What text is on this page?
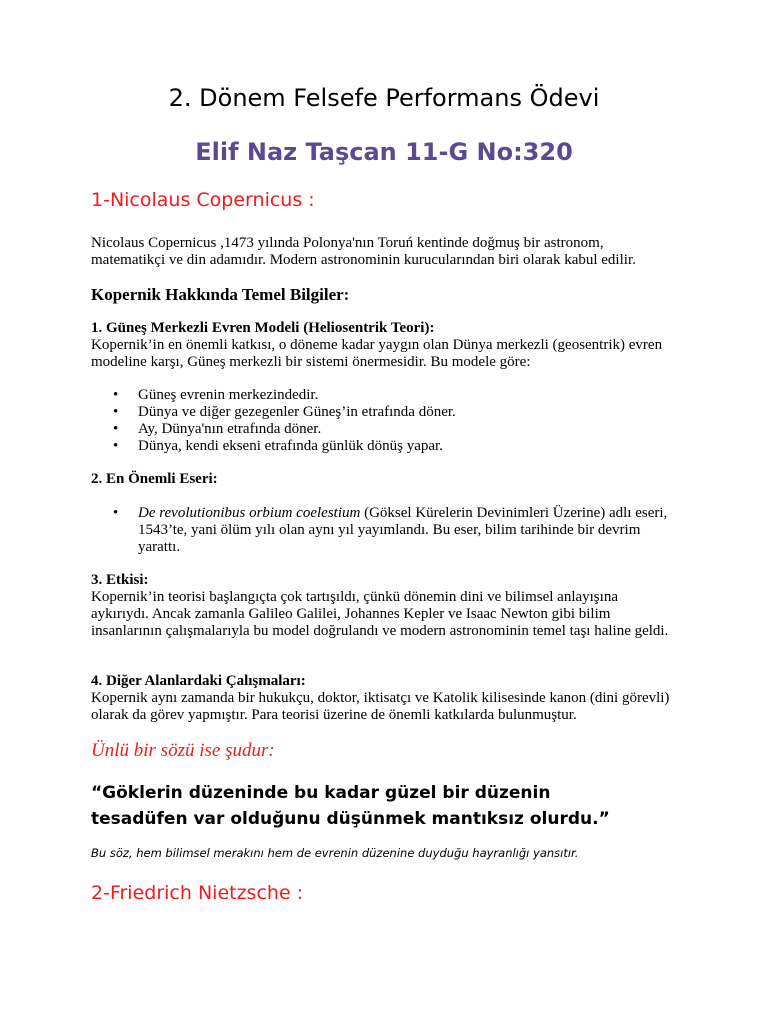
2. Dönem Felsefe Performans Ödevi
Elif Naz Taşcan 11-G No:320
1-Nicolaus Copernicus :
Nicolaus Copernicus ,1473 yılında Polonya'nın Toruń kentinde doğmuş bir astronom, matematikçi ve din adamıdır. Modern astronominin kurucularından biri olarak kabul edilir.
Kopernik Hakkında Temel Bilgiler:
1. Güneş Merkezli Evren Modeli (Heliosentrik Teori):
Kopernik’in en önemli katkısı, o döneme kadar yaygın olan Dünya merkezli (geosentrik) evren modeline karşı, Güneş merkezli bir sistemi önermesidir. Bu modele göre:
• Güneş evrenin merkezindedir.
• Dünya ve diğer gezegenler Güneş’in etrafında döner.
• Ay, Dünya'nın etrafında döner.
• Dünya, kendi ekseni etrafında günlük dönüş yapar.
2. En Önemli Eseri:
• De revolutionibus orbium coelestium (Göksel Kürelerin Devinimleri Üzerine) adlı eseri, 1543’te, yani ölüm yılı olan aynı yıl yayımlandı. Bu eser, bilim tarihinde bir devrim yarattı.
3. Etkisi:
Kopernik’in teorisi başlangıçta çok tartışıldı, çünkü dönemin dini ve bilimsel anlayışına aykırıydı. Ancak zamanla Galileo Galilei, Johannes Kepler ve Isaac Newton gibi bilim insanlarının çalışmalarıyla bu model doğrulandı ve modern astronominin temel taşı haline geldi.
4. Diğer Alanlardaki Çalışmaları:
Kopernik aynı zamanda bir hukukçu, doktor, iktisatçı ve Katolik kilisesinde kanon (dini görevli) olarak da görev yapmıştır. Para teorisi üzerine de önemli katkılarda bulunmuştur.
Ünlü bir sözü ise şudur:
“Göklerin düzeninde bu kadar güzel bir düzenin tesadüfen var olduğunu düşünmek mantıksız olurdu.”
Bu söz, hem bilimsel merakını hem de evrenin düzenine duyduğu hayranlığı yansıtır.
2-Friedrich Nietzsche :
